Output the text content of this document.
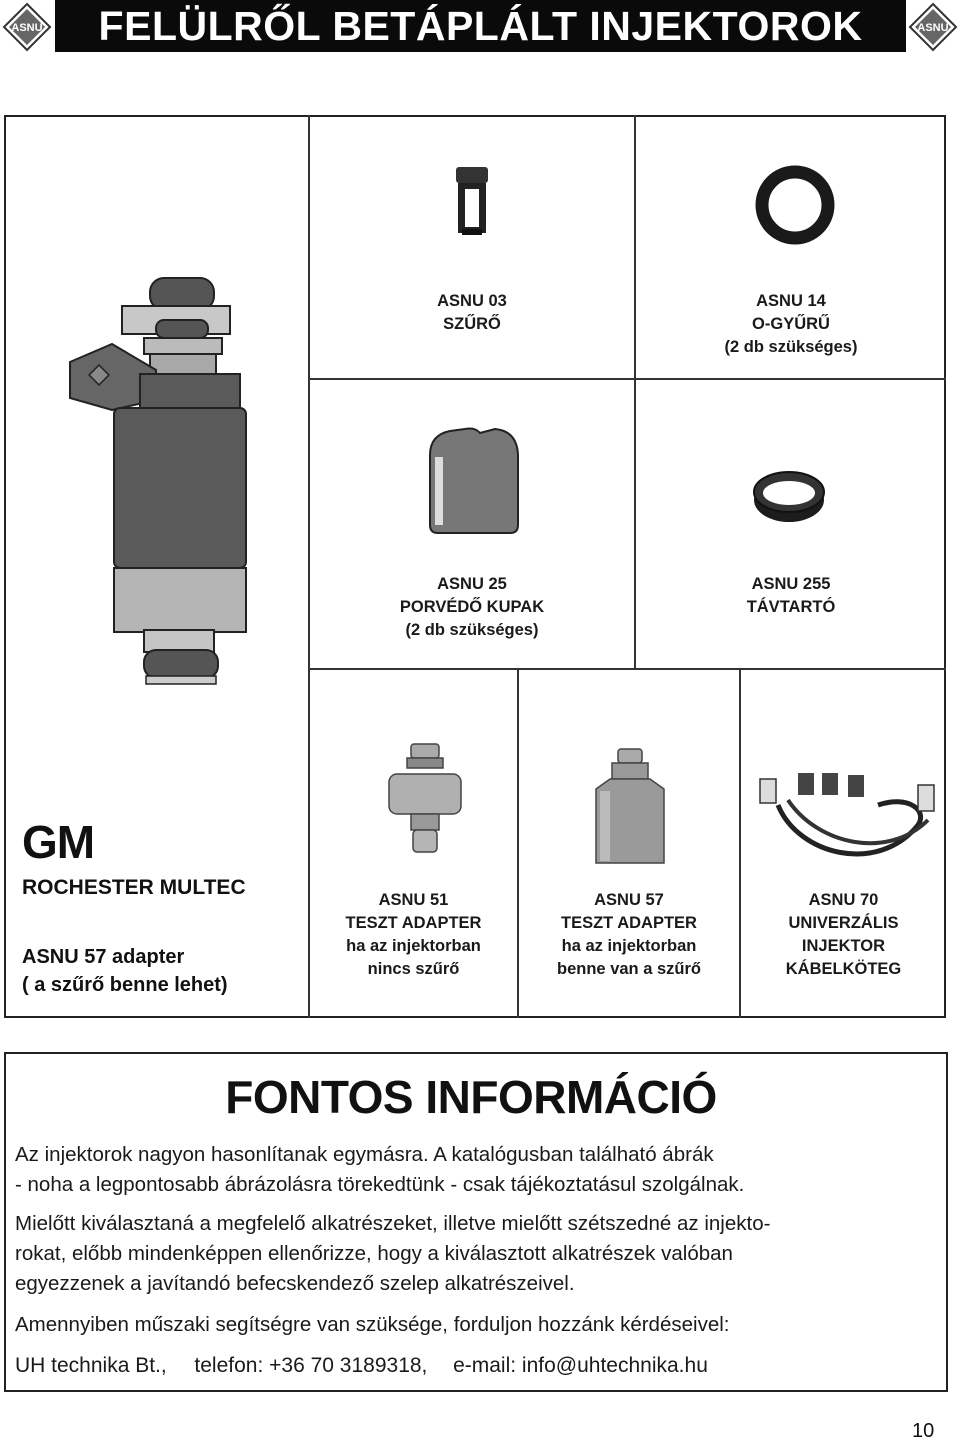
ASNU	FELÜLRŐL BETÁPLÁLT INJEKTOROK	ASNU
ASNU 03
SZŰRŐ
ASNU 14
O-GYŰRŰ
(2 db szükséges)
ASNU 25
PORVÉDŐ KUPAK
(2 db szükséges)
ASNU 255
TÁVTARTÓ
ASNU 51
TESZT ADAPTER
ha az injektorban
nincs szűrő
ASNU 57
TESZT ADAPTER
ha az injektorban
benne van a szűrő
ASNU 70
UNIVERZÁLIS
INJEKTOR
KÁBELKÖTEG
GM
ROCHESTER MULTEC
ASNU 57 adapter
( a szűrő benne lehet)
FONTOS INFORMÁCIÓ
Az injektorok nagyon hasonlítanak egymásra. A katalógusban található ábrák
- noha a legpontosabb ábrázolásra törekedtünk - csak tájékoztatásul szolgálnak.
Mielőtt kiválasztaná a megfelelő alkatrészeket, illetve mielőtt szétszedné az injekto-
rokat, előbb mindenképpen ellenőrizze, hogy a kiválasztott alkatrészek valóban
egyezzenek a javítandó befecskendező szelep alkatrészeivel.
Amennyiben műszaki segítségre van szüksége, forduljon hozzánk kérdéseivel:
UH technika Bt., telefon: +36 70 3189318, e-mail: info@uhtechnika.hu
10
